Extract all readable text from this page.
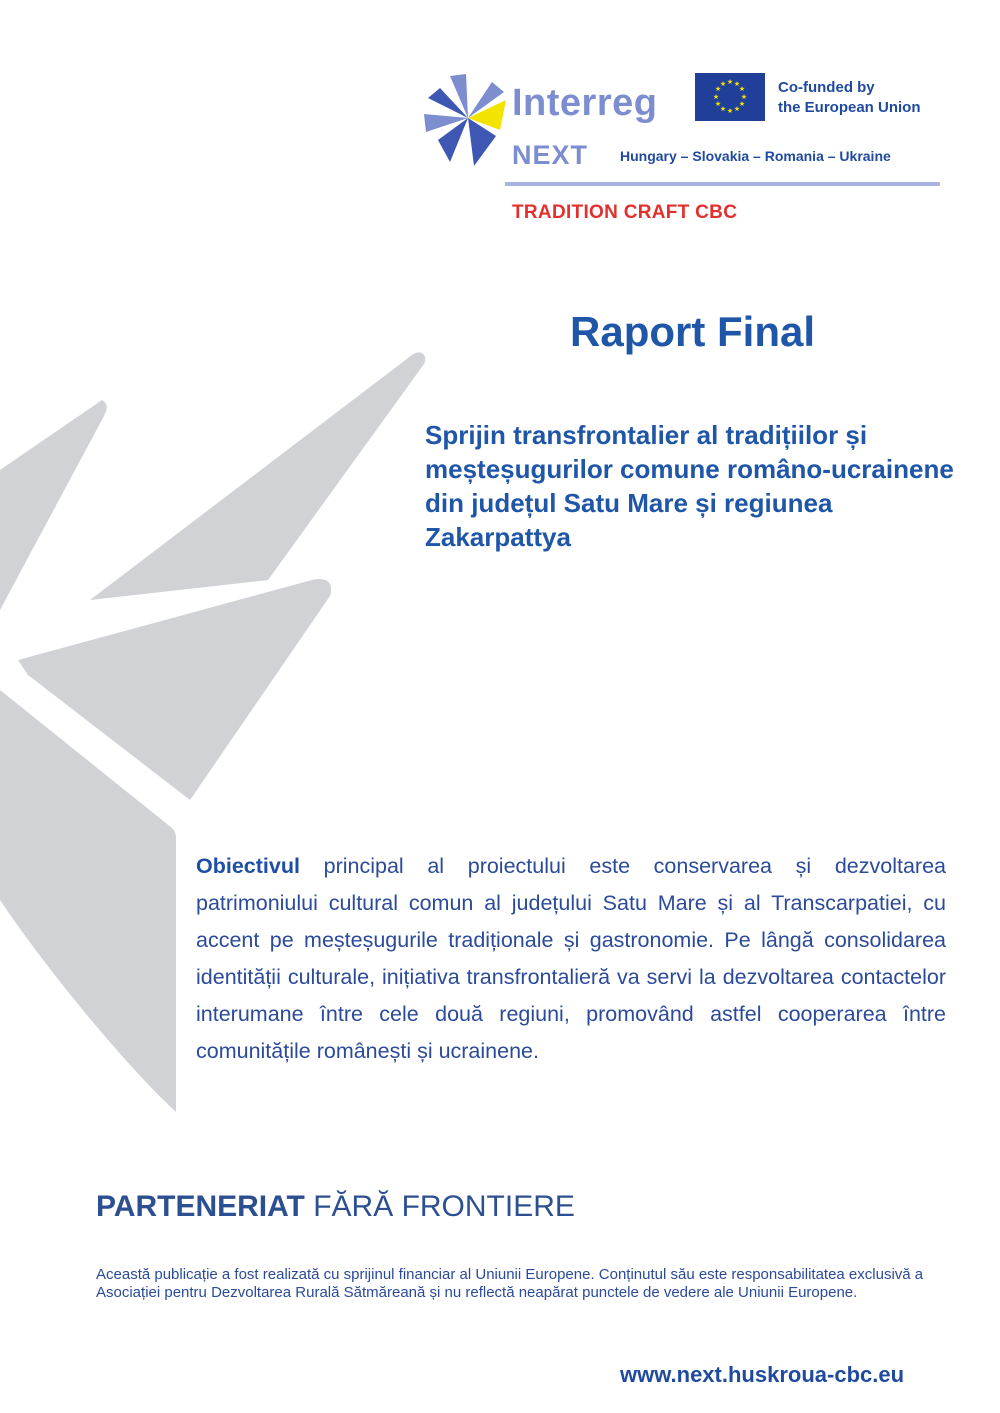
Interreg	★ ★
★
★
★
★
★
★
★
★
★
★	Co-funded by
the European Union
NEXT Hungary – Slovakia – Romania – Ukraine
TRADITION CRAFT CBC
Raport Final
Sprijin transfrontalier al tradițiilor și meșteșugurilor comune româno-ucrainene din județul Satu Mare și regiunea Zakarpattya
Obiectivul principal al proiectului este conservarea și dezvoltarea patrimoniului cultural comun al județului Satu Mare și al Transcarpatiei, cu accent pe meșteșugurile tradiționale și gastronomie. Pe lângă consolidarea identității culturale, inițiativa transfrontalieră va servi la dezvoltarea contactelor interumane între cele două regiuni, promovând astfel cooperarea între comunitățile românești și ucrainene.
PARTENERIAT FĂRĂ FRONTIERE
Această publicație a fost realizată cu sprijinul financiar al Uniunii Europene. Conținutul său este responsabilitatea exclusivă a Asociației pentru Dezvoltarea Rurală Sătmăreană și nu reflectă neapărat punctele de vedere ale Uniunii Europene.
www.next.huskroua-cbc.eu
